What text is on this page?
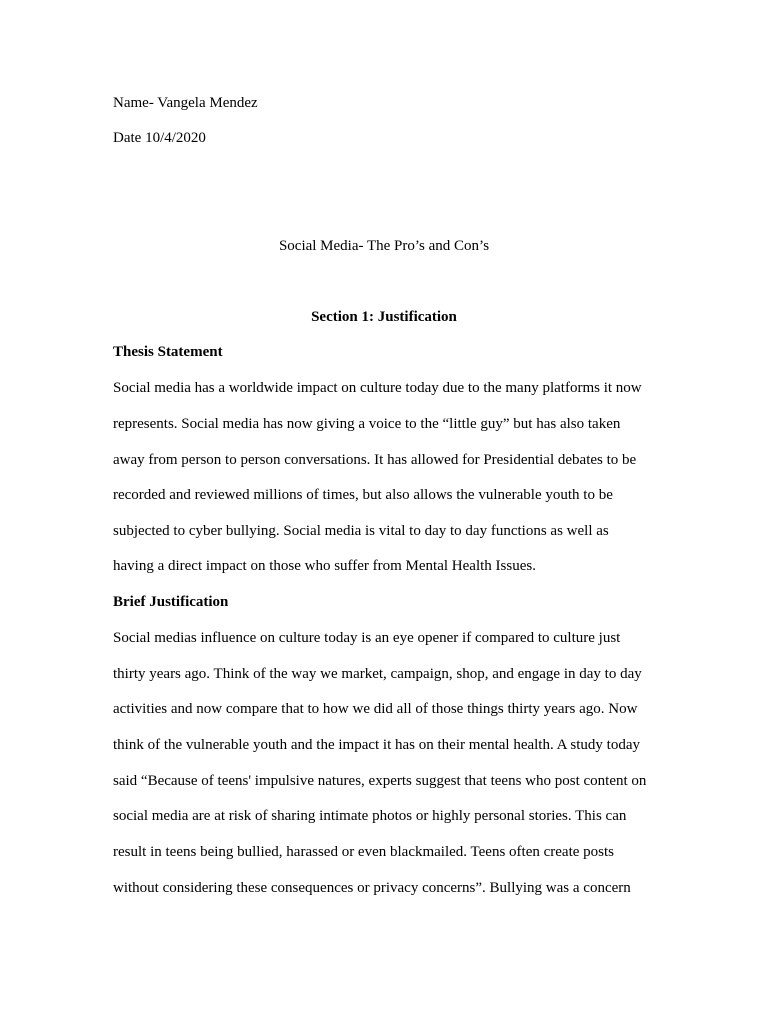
Name- Vangela Mendez
Date 10/4/2020
Social Media- The Pro’s and Con’s
Section 1: Justification
Thesis Statement
Social media has a worldwide impact on culture today due to the many platforms it now
represents. Social media has now giving a voice to the “little guy” but has also taken
away from person to person conversations. It has allowed for Presidential debates to be
recorded and reviewed millions of times, but also allows the vulnerable youth to be
subjected to cyber bullying. Social media is vital to day to day functions as well as
having a direct impact on those who suffer from Mental Health Issues.
Brief Justification
Social medias influence on culture today is an eye opener if compared to culture just
thirty years ago. Think of the way we market, campaign, shop, and engage in day to day
activities and now compare that to how we did all of those things thirty years ago. Now
think of the vulnerable youth and the impact it has on their mental health. A study today
said “Because of teens' impulsive natures, experts suggest that teens who post content on
social media are at risk of sharing intimate photos or highly personal stories. This can
result in teens being bullied, harassed or even blackmailed. Teens often create posts
without considering these consequences or privacy concerns”. Bullying was a concern
